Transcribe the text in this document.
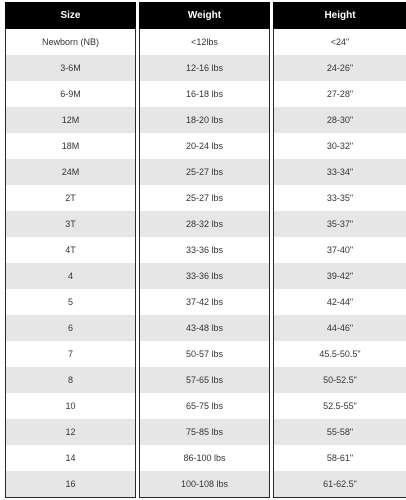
Size	Weight	Height
Newborn (NB)	<12lbs	<24"
3-6M	12-16 lbs	24-26"
6-9M	16-18 lbs	27-28"
12M	18-20 lbs	28-30"
18M	20-24 lbs	30-32"
24M	25-27 lbs	33-34"
2T	25-27 lbs	33-35"
3T	28-32 lbs	35-37"
4T	33-36 lbs	37-40"
4	33-36 lbs	39-42"
5	37-42 lbs	42-44"
6	43-48 lbs	44-46"
7	50-57 lbs	45.5-50.5"
8	57-65 lbs	50-52.5"
10	65-75 lbs	52.5-55"
12	75-85 lbs	55-58"
14	86-100 lbs	58-61"
16	100-108 lbs	61-62.5"
